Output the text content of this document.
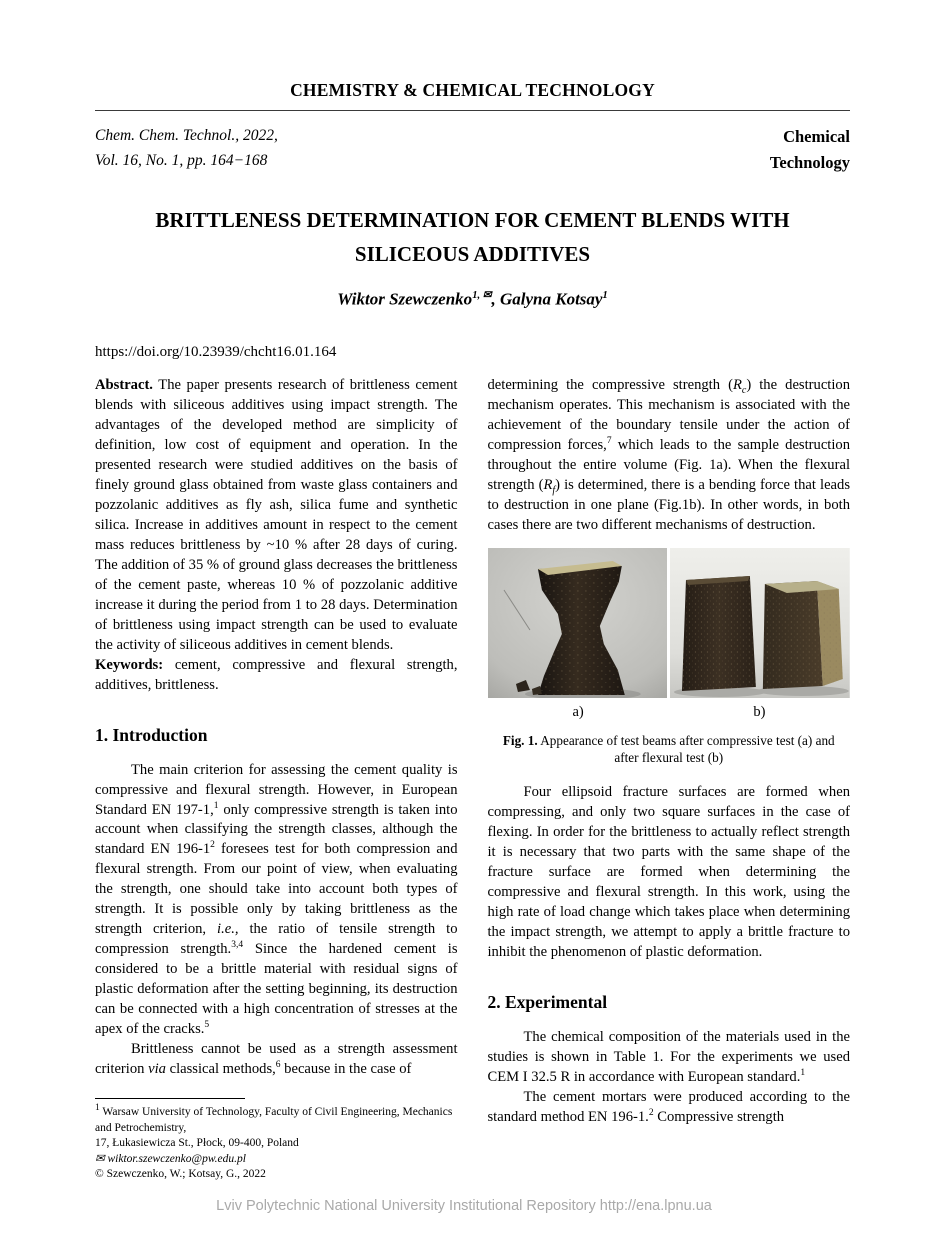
CHEMISTRY & CHEMICAL TECHNOLOGY
Chem. Chem. Technol., 2022,
Vol. 16, No. 1, pp. 164−168
Chemical
Technology
BRITTLENESS DETERMINATION FOR CEMENT BLENDS WITH
SILICEOUS ADDITIVES
Wiktor Szewczenko$^{1, ✉}$, Galyna Kotsay$^1$
https://doi.org/10.23939/chcht16.01.164

Abstract. The paper presents research of brittleness cement blends with siliceous additives using impact strength. The advantages of the developed method are simplicity of definition, low cost of equipment and operation. In the presented research were studied additives on the basis of finely ground glass obtained from waste glass containers and pozzolanic additives as fly ash, silica fume and synthetic silica. Increase in additives amount in respect to the cement mass reduces brittleness by ~10 % after 28 days of curing. The addition of 35 % of ground glass decreases the brittleness of the cement paste, whereas 10 % of pozzolanic additive increase it during the period from 1 to 28 days. Determination of brittleness using impact strength can be used to evaluate the activity of siliceous additives in cement blends.

Keywords: cement, compressive and flexural strength, additives, brittleness.

1. Introduction

The main criterion for assessing the cement quality is compressive and flexural strength. However, in European Standard EN 197-1,$^1$ only compressive strength is taken into account when classifying the strength classes, although the standard EN $196-1^2$ foresees test for both compression and flexural strength. From our point of view, when evaluating the strength, one should take into account both types of strength. It is possible only by taking brittleness as the strength criterion, i.e., the ratio of tensile strength to compression strength.$^{3,4}$ Since the hardened cement is considered to be a brittle material with residual signs of plastic deformation after the setting beginning, its destruction can be connected with a high concentration of stresses at the apex of the cracks.$^5$

Brittleness cannot be used as a strength assessment criterion via classical methods,$^6$ because in the case of

$^1$ Warsaw University of Technology, Faculty of Civil Engineering, Mechanics and Petrochemistry,
17, Łukasiewicza St., Płock, 09-400, Poland
✉ wiktor.szewczenko@pw.edu.pl
© Szewczenko, W.; Kotsay, G., 2022

determining the compressive strength $(R_c)$ the destruction mechanism operates. This mechanism is associated with the achievement of the boundary tensile under the action of compression forces,$^7$ which leads to the sample destruction throughout the entire volume (Fig. 1a). When the flexural strength $(R_f)$ is determined, there is a bending force that leads to destruction in one plane (Fig.1b). In other words, in both cases there are two different mechanisms of destruction.

a)	b)
Fig. 1. Appearance of test beams after compressive test (a) and after flexural test (b)

Four ellipsoid fracture surfaces are formed when compressing, and only two square surfaces in the case of flexing. In order for the brittleness to actually reflect strength it is necessary that two parts with the same shape of the fracture surface are formed when determining the compressive and flexural strength. In this work, using the high rate of load change which takes place when determining the impact strength, we attempt to apply a brittle fracture to inhibit the phenomenon of plastic deformation.

2. Experimental

The chemical composition of the materials used in the studies is shown in Table 1. For the experiments we used CEM I 32.5 R in accordance with European standard.$^1$

The cement mortars were produced according to the standard method EN 196-1.$^2$ Compressive strength

Lviv Polytechnic National University Institutional Repository http://ena.lpnu.ua
